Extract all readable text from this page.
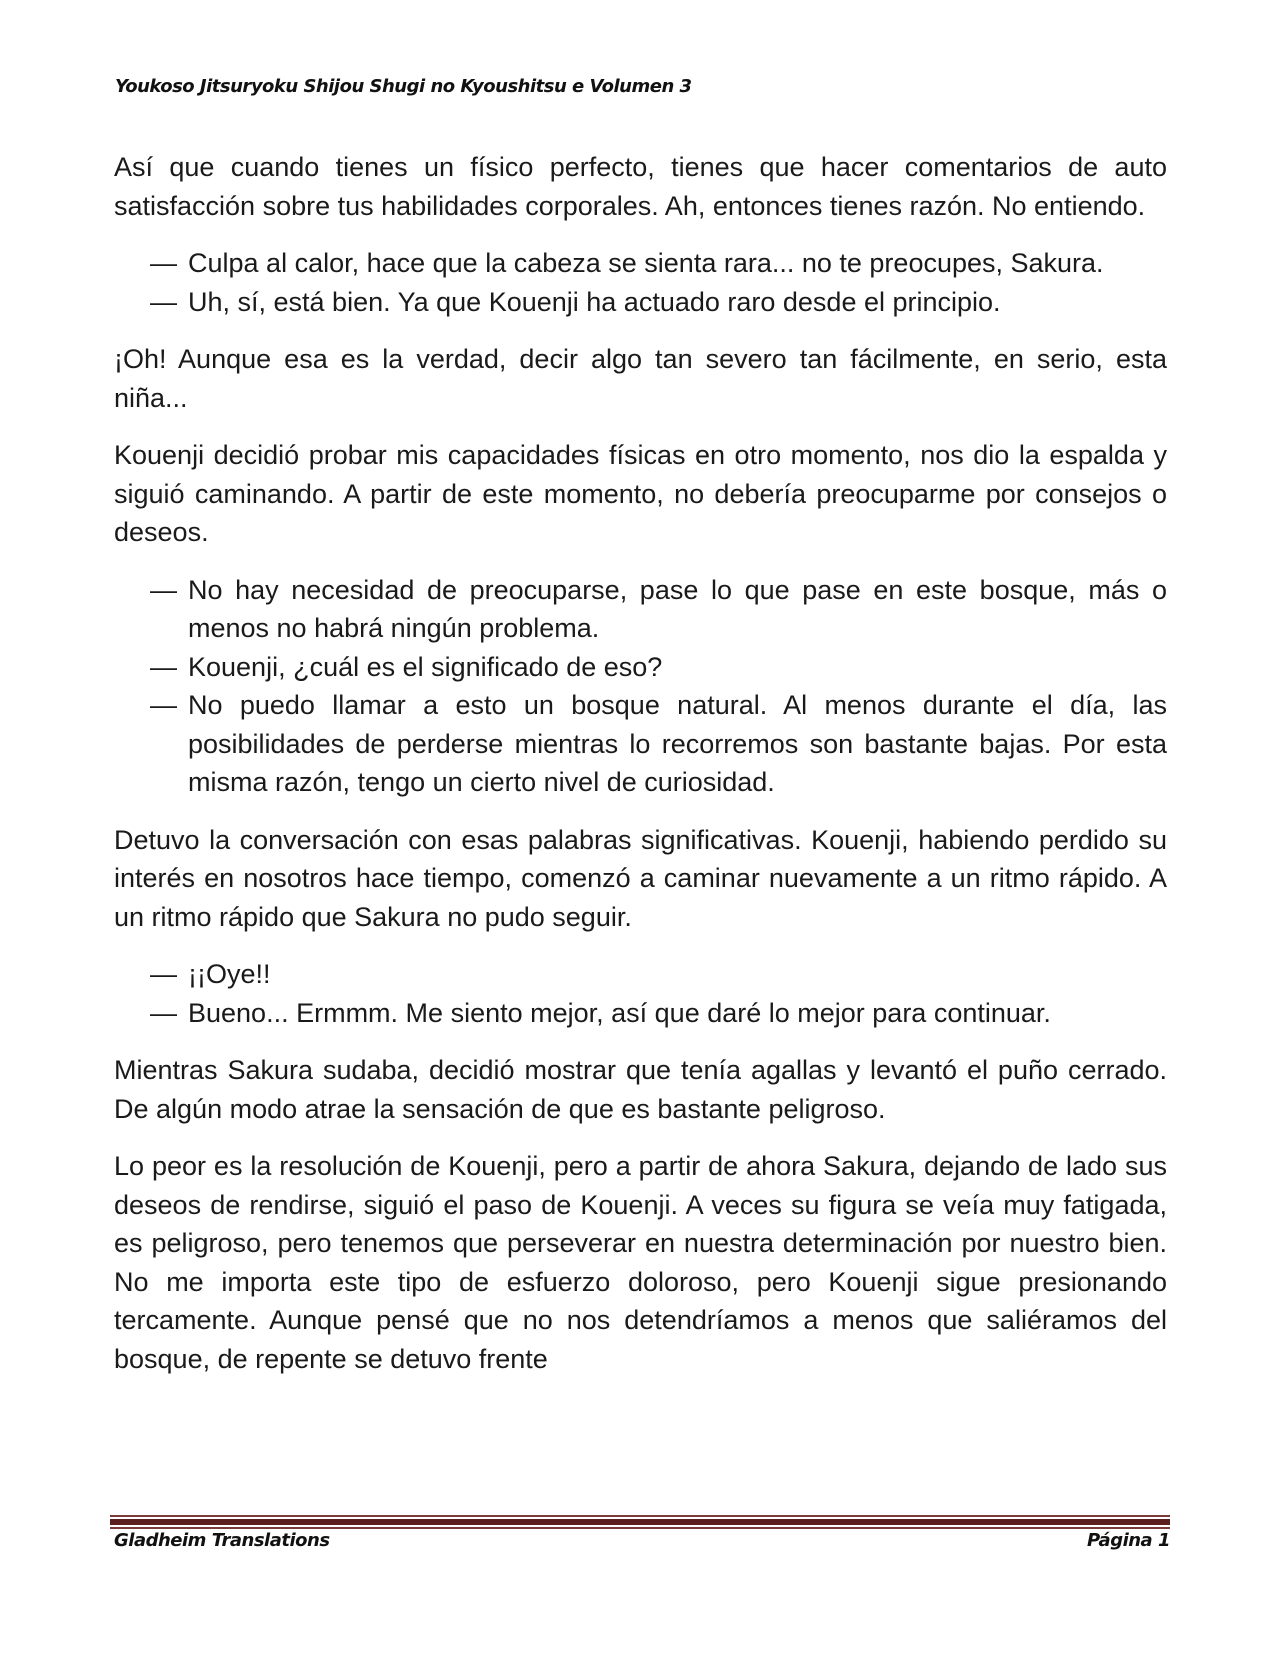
Youkoso Jitsuryoku Shijou Shugi no Kyoushitsu e Volumen 3

Así que cuando tienes un físico perfecto, tienes que hacer comentarios de auto satisfacción sobre tus habilidades corporales. Ah, entonces tienes razón. No entiendo.

— Culpa al calor, hace que la cabeza se sienta rara... no te preocupes, Sakura.
— Uh, sí, está bien. Ya que Kouenji ha actuado raro desde el principio.

¡Oh! Aunque esa es la verdad, decir algo tan severo tan fácilmente, en serio, esta niña...

Kouenji decidió probar mis capacidades físicas en otro momento, nos dio la espalda y siguió caminando. A partir de este momento, no debería preocuparme por consejos o deseos.

— No hay necesidad de preocuparse, pase lo que pase en este bosque, más o menos no habrá ningún problema.
— Kouenji, ¿cuál es el significado de eso?
— No puedo llamar a esto un bosque natural. Al menos durante el día, las posibilidades de perderse mientras lo recorremos son bastante bajas. Por esta misma razón, tengo un cierto nivel de curiosidad.

Detuvo la conversación con esas palabras significativas. Kouenji, habiendo perdido su interés en nosotros hace tiempo, comenzó a caminar nuevamente a un ritmo rápido. A un ritmo rápido que Sakura no pudo seguir.

— ¡¡Oye!!
— Bueno... Ermmm. Me siento mejor, así que daré lo mejor para continuar.

Mientras Sakura sudaba, decidió mostrar que tenía agallas y levantó el puño cerrado. De algún modo atrae la sensación de que es bastante peligroso.

Lo peor es la resolución de Kouenji, pero a partir de ahora Sakura, dejando de lado sus deseos de rendirse, siguió el paso de Kouenji. A veces su figura se veía muy fatigada, es peligroso, pero tenemos que perseverar en nuestra determinación por nuestro bien. No me importa este tipo de esfuerzo doloroso, pero Kouenji sigue presionando tercamente. Aunque pensé que no nos detendríamos a menos que saliéramos del bosque, de repente se detuvo frente

Gladheim Translations	Página 1
